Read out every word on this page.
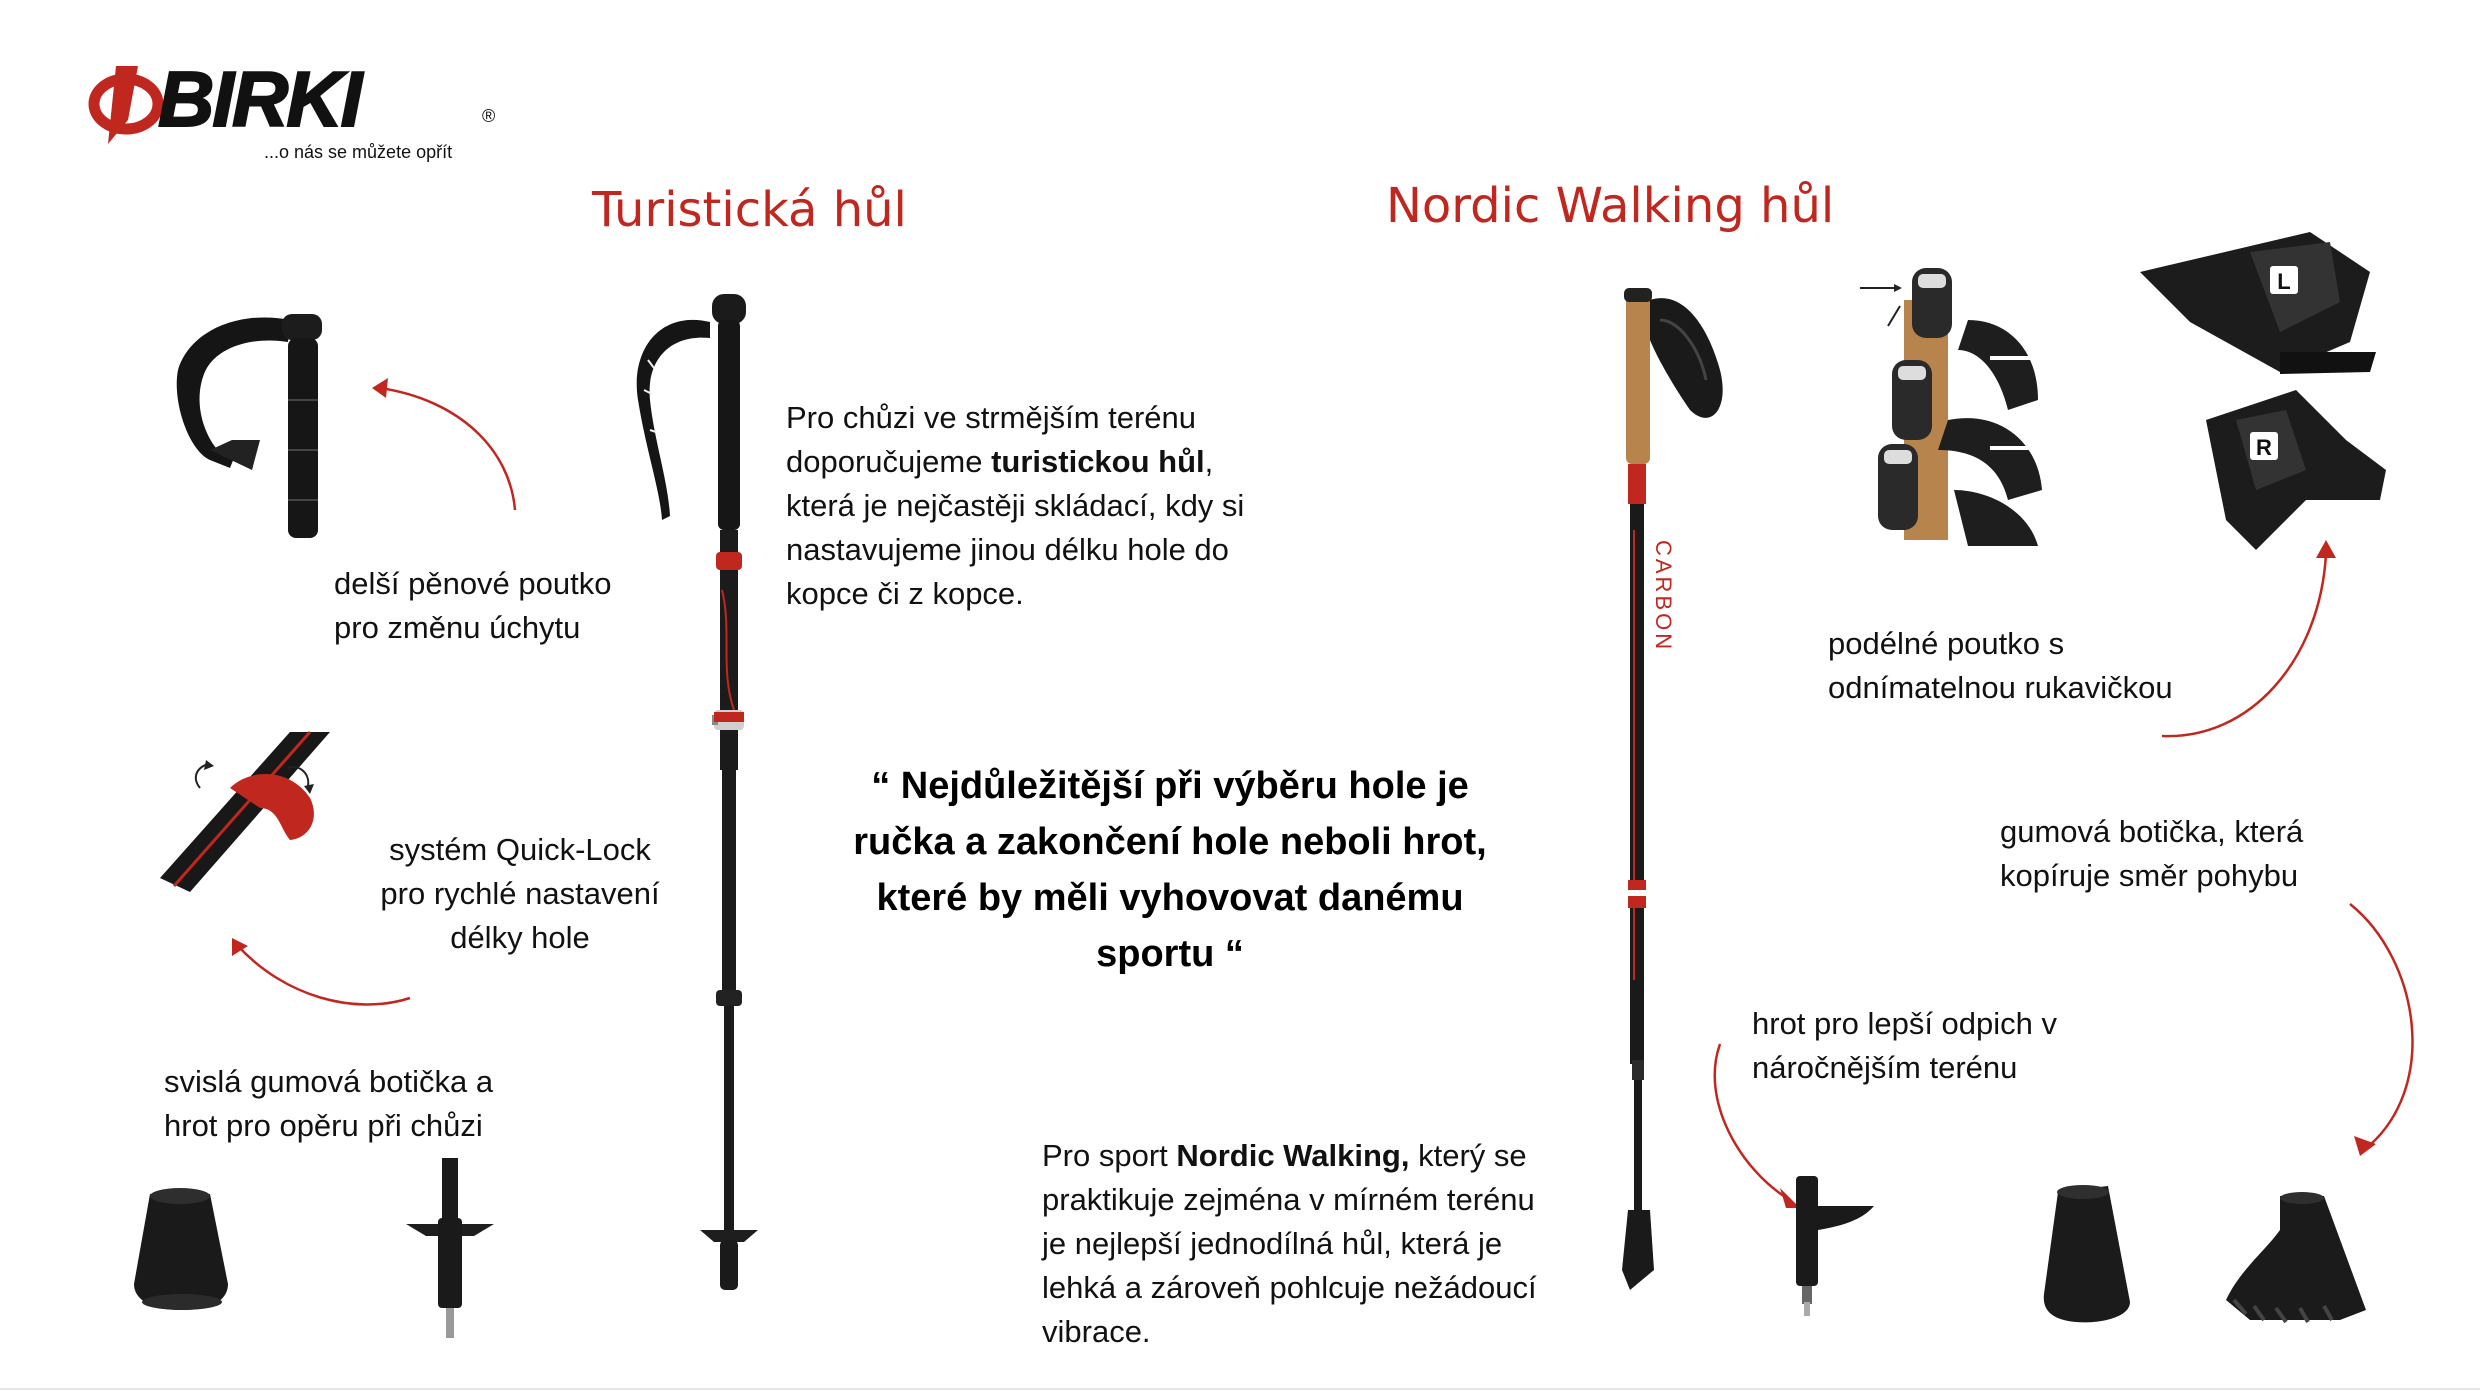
BIRKI	®
...o nás se můžete opřít
Turistická hůl	Nordic Walking hůl
delší pěnové poutko
pro změnu úchytu
systém Quick-Lock
pro rychlé nastavení
délky hole
svislá gumová botička a
hrot pro opěru při chůzi
Pro chůzi ve strmějším terénu
doporučujeme turistickou hůl,
která je nejčastěji skládací, kdy si
nastavujeme jinou délku hole do
kopce či z kopce.
“ Nejdůležitější při výběru hole je
ručka a zakončení hole neboli hrot,
které by měli vyhovovat danému
sportu “
Pro sport Nordic Walking, který se
praktikuje zejména v mírném terénu
je nejlepší jednodílná hůl, která je
lehká a zároveň pohlcuje nežádoucí
vibrace.
CARBON
L
R
podélné poutko s
odnímatelnou rukavičkou
gumová botička, která
kopíruje směr pohybu
hrot pro lepší odpich v
náročnějším terénu
